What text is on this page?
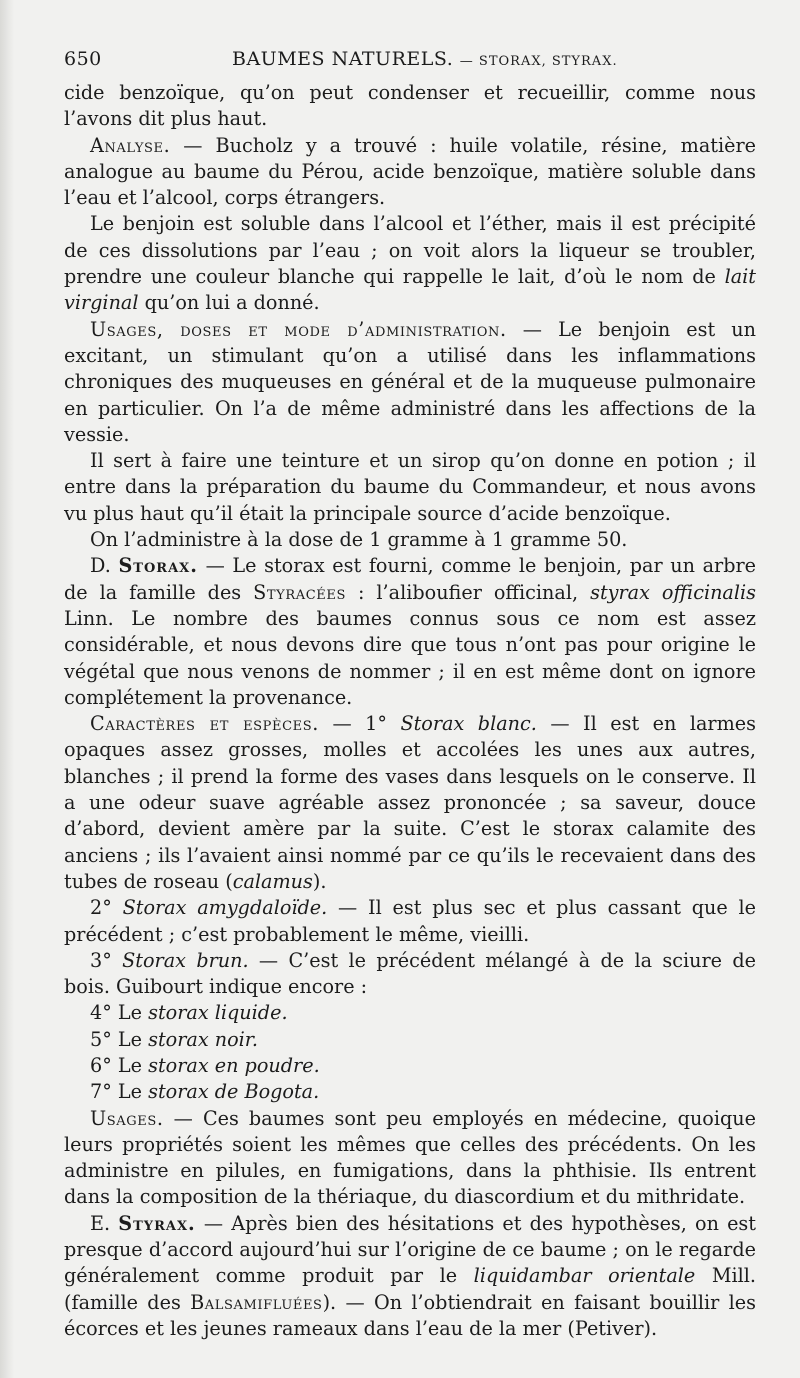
650	BAUMES NATURELS. — STORAX, STYRAX.

cide benzoïque, qu’on peut condenser et recueillir, comme nous l’avons dit plus haut.

Analyse. — Bucholz y a trouvé : huile volatile, résine, matière analogue au baume du Pérou, acide benzoïque, matière soluble dans l’eau et l’alcool, corps étrangers.

Le benjoin est soluble dans l’alcool et l’éther, mais il est précipité de ces dissolutions par l’eau ; on voit alors la liqueur se troubler, prendre une couleur blanche qui rappelle le lait, d’où le nom de lait virginal qu’on lui a donné.

Usages, doses et mode d’administration. — Le benjoin est un excitant, un stimulant qu’on a utilisé dans les inflammations chroniques des muqueuses en général et de la muqueuse pulmonaire en particulier. On l’a de même administré dans les affections de la vessie.

Il sert à faire une teinture et un sirop qu’on donne en potion ; il entre dans la préparation du baume du Commandeur, et nous avons vu plus haut qu’il était la principale source d’acide benzoïque.

On l’administre à la dose de 1 gramme à 1 gramme 50.

D. Storax. — Le storax est fourni, comme le benjoin, par un arbre de la famille des Styracées : l’aliboufier officinal, styrax officinalis Linn. Le nombre des baumes connus sous ce nom est assez considérable, et nous devons dire que tous n’ont pas pour origine le végétal que nous venons de nommer ; il en est même dont on ignore complétement la provenance.

Caractères et espèces. — 1° Storax blanc. — Il est en larmes opaques assez grosses, molles et accolées les unes aux autres, blanches ; il prend la forme des vases dans lesquels on le conserve. Il a une odeur suave agréable assez prononcée ; sa saveur, douce d’abord, devient amère par la suite. C’est le storax calamite des anciens ; ils l’avaient ainsi nommé par ce qu’ils le recevaient dans des tubes de roseau (calamus).

2° Storax amygdaloïde. — Il est plus sec et plus cassant que le précédent ; c’est probablement le même, vieilli.

3° Storax brun. — C’est le précédent mélangé à de la sciure de bois. Guibourt indique encore :

4° Le storax liquide.

5° Le storax noir.

6° Le storax en poudre.

7° Le storax de Bogota.

Usages. — Ces baumes sont peu employés en médecine, quoique leurs propriétés soient les mêmes que celles des précédents. On les administre en pilules, en fumigations, dans la phthisie. Ils entrent dans la composition de la thériaque, du diascordium et du mithridate.

E. Styrax. — Après bien des hésitations et des hypothèses, on est presque d’accord aujourd’hui sur l’origine de ce baume ; on le regarde généralement comme produit par le liquidambar orientale Mill. (famille des Balsamifluées). — On l’obtiendrait en faisant bouillir les écorces et les jeunes rameaux dans l’eau de la mer (Petiver).
